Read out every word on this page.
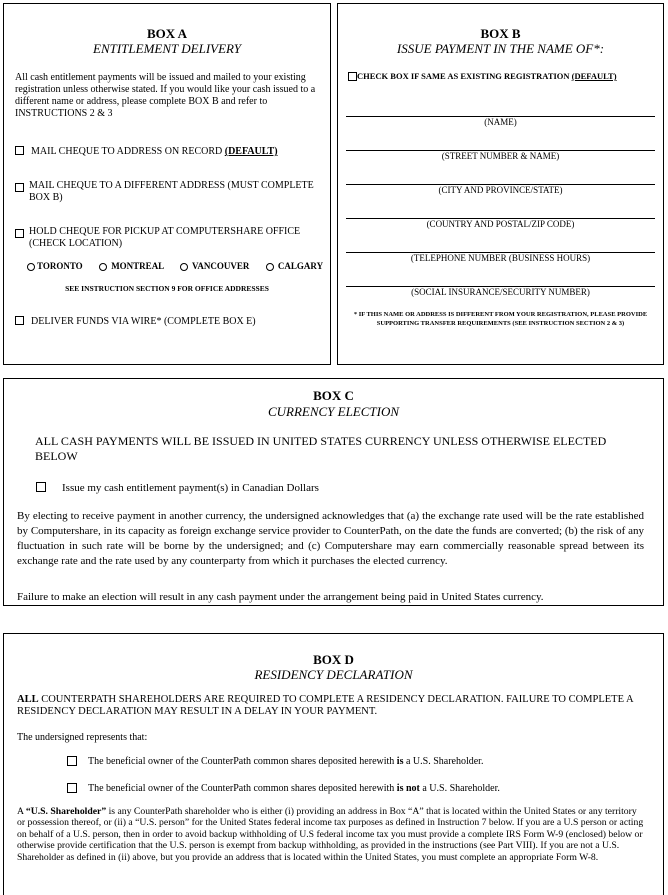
BOX A
ENTITLEMENT DELIVERY
All cash entitlement payments will be issued and mailed to your existing registration unless otherwise stated. If you would like your cash issued to a different name or address, please complete BOX B and refer to INSTRUCTIONS 2 & 3
MAIL CHEQUE TO ADDRESS ON RECORD (DEFAULT)
MAIL CHEQUE TO A DIFFERENT ADDRESS (MUST COMPLETE BOX B)
HOLD CHEQUE FOR PICKUP AT COMPUTERSHARE OFFICE (CHECK LOCATION)
TORONTO	MONTREAL	VANCOUVER	CALGARY
SEE INSTRUCTION SECTION 9 FOR OFFICE ADDRESSES
DELIVER FUNDS VIA WIRE* (COMPLETE BOX E)
BOX B
ISSUE PAYMENT IN THE NAME OF*:
CHECK BOX IF SAME AS EXISTING REGISTRATION (DEFAULT)
(NAME)
(STREET NUMBER & NAME)
(CITY AND PROVINCE/STATE)
(COUNTRY AND POSTAL/ZIP CODE)
(TELEPHONE NUMBER (BUSINESS HOURS)
(SOCIAL INSURANCE/SECURITY NUMBER)
* IF THIS NAME OR ADDRESS IS DIFFERENT FROM YOUR REGISTRATION, PLEASE PROVIDE SUPPORTING TRANSFER REQUIREMENTS (SEE INSTRUCTION SECTION 2 & 3)
BOX C
CURRENCY ELECTION
ALL CASH PAYMENTS WILL BE ISSUED IN UNITED STATES CURRENCY UNLESS OTHERWISE ELECTED BELOW
Issue my cash entitlement payment(s) in Canadian Dollars
By electing to receive payment in another currency, the undersigned acknowledges that (a) the exchange rate used will be the rate established by Computershare, in its capacity as foreign exchange service provider to CounterPath, on the date the funds are converted; (b) the risk of any fluctuation in such rate will be borne by the undersigned; and (c) Computershare may earn commercially reasonable spread between its exchange rate and the rate used by any counterparty from which it purchases the elected currency.
Failure to make an election will result in any cash payment under the arrangement being paid in United States currency.
BOX D
RESIDENCY DECLARATION
ALL COUNTERPATH SHAREHOLDERS ARE REQUIRED TO COMPLETE A RESIDENCY DECLARATION. FAILURE TO COMPLETE A RESIDENCY DECLARATION MAY RESULT IN A DELAY IN YOUR PAYMENT.
The undersigned represents that:
The beneficial owner of the CounterPath common shares deposited herewith is a U.S. Shareholder.
The beneficial owner of the CounterPath common shares deposited herewith is not a U.S. Shareholder.
A “U.S. Shareholder” is any CounterPath shareholder who is either (i) providing an address in Box “A” that is located within the United States or any territory or possession thereof, or (ii) a “U.S. person” for the United States federal income tax purposes as defined in Instruction 7 below. If you are a U.S person or acting on behalf of a U.S. person, then in order to avoid backup withholding of U.S federal income tax you must provide a complete IRS Form W-9 (enclosed) below or otherwise provide certification that the U.S. person is exempt from backup withholding, as provided in the instructions (see Part VIII). If you are not a U.S. Shareholder as defined in (ii) above, but you provide an address that is located within the United States, you must complete an appropriate Form W-8.
